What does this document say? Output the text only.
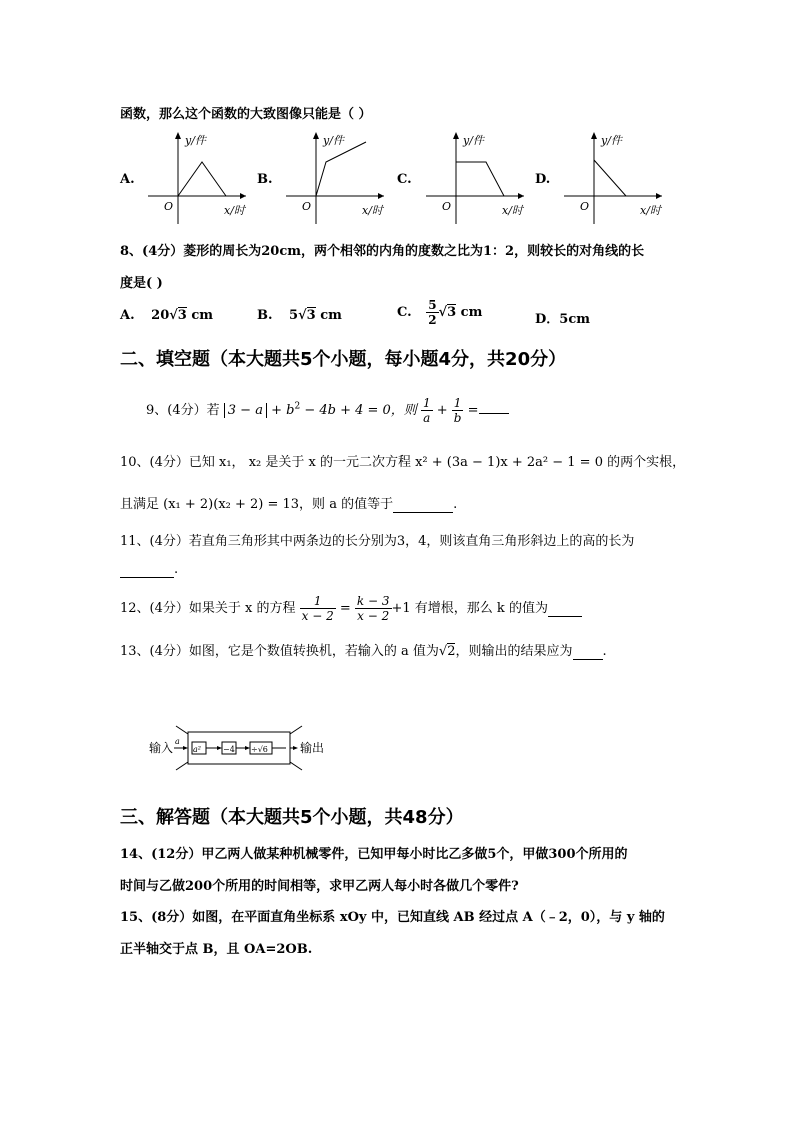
函数，那么这个函数的大致图像只能是（ ）
A.
y/件
x/时
O
B.
y/件
x/时
O
C.
y/件
x/时
O
D.
y/件
x/时
O
8、(4分）菱形的周长为20cm，两个相邻的内角的度数之比为1：2，则较长的对角线的长
度是( )
A. 20√3 cm	B. 5√3 cm	C. $\frac{5}{2} √3$ cm	D．5cm
二、填空题（本大题共5个小题，每小题4分，共20分）
9、(4分）若 $3 - a + b^2 - 4b + 4 = 0$，则 $\frac{1}{a} + \frac{1}{b}$ =
10、(4分）已知 x₁， x₂ 是关于 x 的一元二次方程 x² + (3a − 1)x + 2a² − 1 = 0 的两个实根，
且满足 (x₁ + 2)(x₂ + 2) = 13，则 a 的值等于	.
11、(4分）若直角三角形其中两条边的长分别为3，4，则该直角三角形斜边上的高的长为
.
12、(4分）如果关于 x 的方程 $\frac{1}{x - 2} = \frac{k - 3}{x - 2} +1$ 有增根，那么 k 的值为
13、(4分）如图，它是个数值转换机，若输入的 a 值为√2，则输出的结果应为 .
输入 a
a²	−4 ÷√6	输出
三、解答题（本大题共5个小题，共48分）
14、(12分）甲乙两人做某种机械零件，已知甲每小时比乙多做5个，甲做300个所用的
时间与乙做200个所用的时间相等，求甲乙两人每小时各做几个零件?
15、(8分）如图，在平面直角坐标系 xOy 中，已知直线 AB 经过点 A（﹣2，0），与 y 轴的
正半轴交于点 B，且 OA=2OB.
